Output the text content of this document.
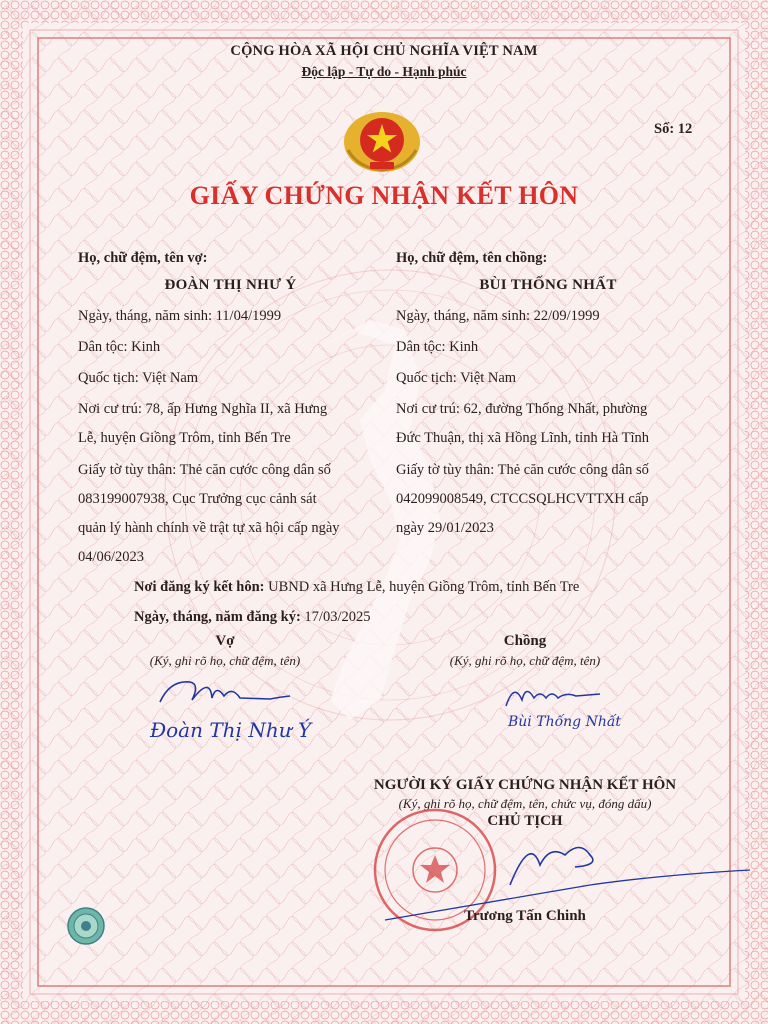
CỘNG HÒA XÃ HỘI CHỦ NGHĨA VIỆT NAM
Độc lập - Tự do - Hạnh phúc
Số: 12
GIẤY CHỨNG NHẬN KẾT HÔN
Họ, chữ đệm, tên vợ:
ĐOÀN THỊ NHƯ Ý
Ngày, tháng, năm sinh: 11/04/1999
Dân tộc: Kinh
Quốc tịch: Việt Nam
Nơi cư trú: 78, ấp Hưng Nghĩa II, xã Hưng
Lễ, huyện Giồng Trôm, tỉnh Bến Tre
Giấy tờ tùy thân: Thẻ căn cước công dân số
083199007938, Cục Trưởng cục cảnh sát
quản lý hành chính về trật tự xã hội cấp ngày
04/06/2023
Họ, chữ đệm, tên chồng:
BÙI THỐNG NHẤT
Ngày, tháng, năm sinh: 22/09/1999
Dân tộc: Kinh
Quốc tịch: Việt Nam
Nơi cư trú: 62, đường Thống Nhất, phường
Đức Thuận, thị xã Hồng Lĩnh, tỉnh Hà Tĩnh
Giấy tờ tùy thân: Thẻ căn cước công dân số
042099008549, CTCCSQLHCVTTXH cấp
ngày 29/01/2023
Nơi đăng ký kết hôn: UBND xã Hưng Lễ, huyện Giồng Trôm, tỉnh Bến Tre
Ngày, tháng, năm đăng ký: 17/03/2025
Vợ
(Ký, ghi rõ họ, chữ đệm, tên)
Chồng
(Ký, ghi rõ họ, chữ đệm, tên)
Đoàn Thị Như Ý	Bùi Thống Nhất
NGƯỜI KÝ GIẤY CHỨNG NHẬN KẾT HÔN
(Ký, ghi rõ họ, chữ đệm, tên, chức vụ, đóng dấu)
CHỦ TỊCH
Trương Tấn Chinh
